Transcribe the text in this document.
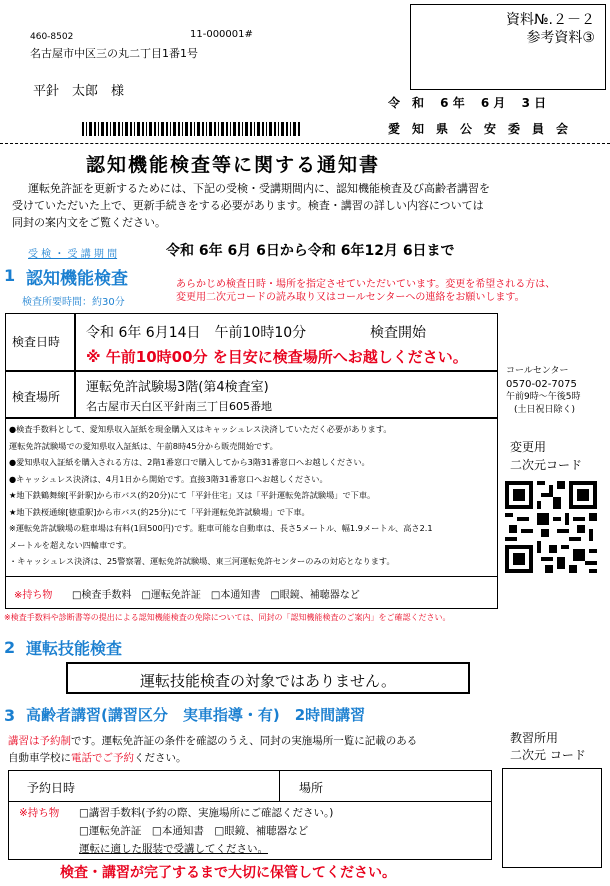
資料№.２－２
参考資料③
460-8502	11-000001#
名古屋市中区三の丸二丁目1番1号
平針　太郎　様
令　和　 6 年　 6 月　 3 日
愛　知　県　公　安　委　員　会
認知機能検査等に関する通知書
運転免許証を更新するためには、下記の受検・受講期間内に、認知機能検査及び高齢者講習を
受けていただいた上で、更新手続きをする必要があります。検査・講習の詳しい内容については
同封の案内文をご覧ください。
受 検 ・ 受 講 期 間	令和 6年 6月 6日から令和 6年12月 6日まで
1 認知機能検査
検査所要時間：約30分
あらかじめ検査日時・場所を指定させていただいています。変更を希望される方は、
変更用二次元コードの読み取り又はコールセンターへの連絡をお願いします。
検査日時
令和 6年 6月14日　午前10時10分	検査開始
※ 午前10時00分 を目安に検査場所へお越しください。
検査場所
運転免許試験場3階(第4検査室)
名古屋市天白区平針南三丁目605番地
●検査手数料として、愛知県収入証紙を現金購入又はキャッシュレス決済していただく必要があります。
運転免許試験場での愛知県収入証紙は、午前8時45分から販売開始です。
●愛知県収入証紙を購入される方は、2階1番窓口で購入してから3階31番窓口へお越しください。
●キャッシュレス決済は、4月1日から開始です。直接3階31番窓口へお越しください。
★地下鉄鶴舞線[平針駅]から市バス(約20分)にて「平針住宅」又は「平針運転免許試験場」で下車。
★地下鉄桜通線[徳重駅]から市バス(約25分)にて「平針運転免許試験場」で下車。
※運転免許試験場の駐車場は有料(1回500円)です。駐車可能な自動車は、長さ5メートル、幅1.9メートル、高さ2.1
メートルを超えない四輪車です。
・キャッシュレス決済は、25警察署、運転免許試験場、東三河運転免許センターのみの対応となります。
※持ち物 □検査手数料　□運転免許証　□本通知書　□眼鏡、補聴器など
※検査手数料や診断書等の提出による認知機能検査の免除については、同封の「認知機能検査のご案内」をご確認ください。
コールセンター
0570-02-7075
午前9時～午後5時
(土日祝日除く)
変更用
二次元コード
2 運転技能検査
運転技能検査の対象ではありません。
3 高齢者講習(講習区分　実車指導・有)　2時間講習
講習は予約制です。運転免許証の条件を確認のうえ、同封の実施場所一覧に記載のある
自動車学校に電話でご予約ください。
予約日時	場所
※持ち物 □講習手数料(予約の際、実施場所にご確認ください。)
□運転免許証　□本通知書　□眼鏡、補聴器など
運転に適した服装で受講してください。
教習所用
二次元 コード
検査・講習が完了するまで大切に保管してください。
